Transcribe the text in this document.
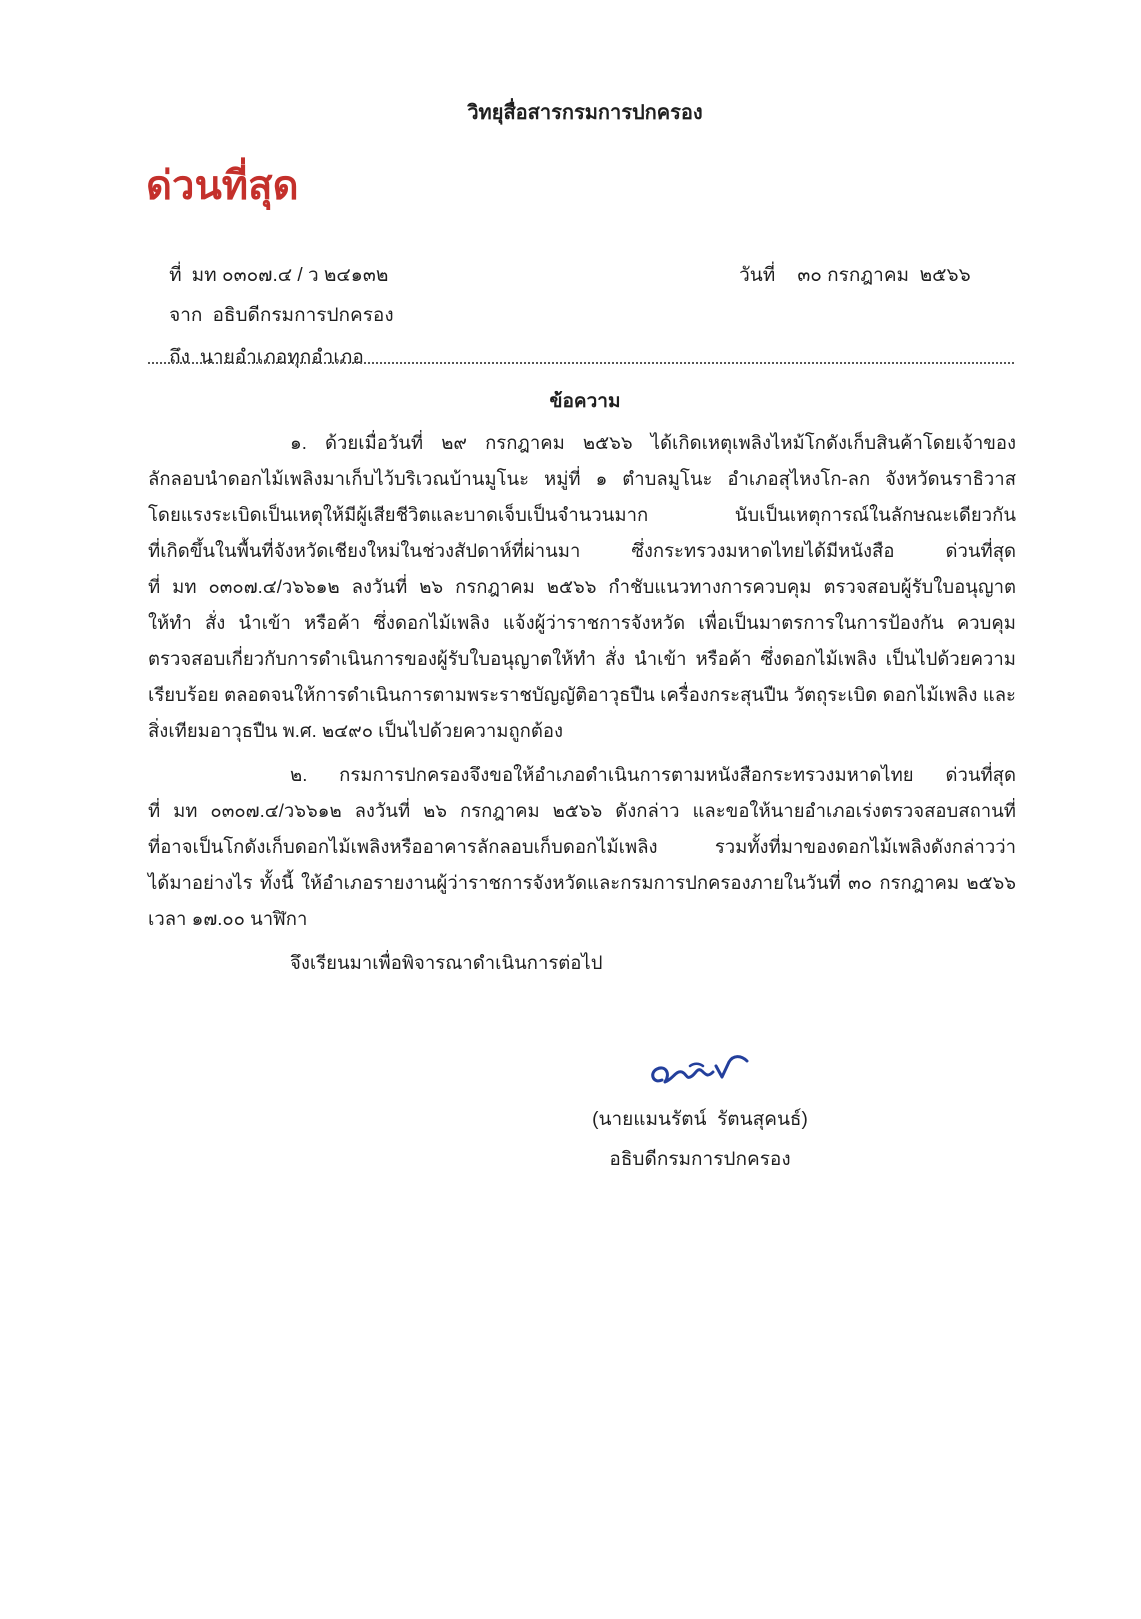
วิทยุสื่อสารกรมการปกครอง
ด่วนที่สุด

ที่ มท ๐๓๐๗.๔ / ว ๒๔๑๓๒
	วันที่ ๓๐ กรกฎาคม  ๒๕๖๖

จาก อธิบดีกรมการปกครอง

ถึง นายอำเภอทุกอำเภอ

ข้อความ
๑. ด้วยเมื่อวันที่ ๒๙ กรกฎาคม ๒๕๖๖ ได้เกิดเหตุเพลิงไหม้โกดังเก็บสินค้าโดยเจ้าของ
ลักลอบนำดอกไม้เพลิงมาเก็บไว้บริเวณบ้านมูโนะ หมู่ที่ ๑ ตำบลมูโนะ อำเภอสุไหงโก-ลก จังหวัดนราธิวาส
โดยแรงระเบิดเป็นเหตุให้มีผู้เสียชีวิตและบาดเจ็บเป็นจำนวนมาก นับเป็นเหตุการณ์ในลักษณะเดียวกัน
ที่เกิดขึ้นในพื้นที่จังหวัดเชียงใหม่ในช่วงสัปดาห์ที่ผ่านมา ซึ่งกระทรวงมหาดไทยได้มีหนังสือ ด่วนที่สุด
ที่ มท ๐๓๐๗.๔/ว๖๖๑๒ ลงวันที่ ๒๖ กรกฎาคม ๒๕๖๖ กำชับแนวทางการควบคุม ตรวจสอบผู้รับใบอนุญาต
ให้ทำ สั่ง นำเข้า หรือค้า ซึ่งดอกไม้เพลิง แจ้งผู้ว่าราชการจังหวัด เพื่อเป็นมาตรการในการป้องกัน ควบคุม
ตรวจสอบเกี่ยวกับการดำเนินการของผู้รับใบอนุญาตให้ทำ สั่ง นำเข้า หรือค้า ซึ่งดอกไม้เพลิง เป็นไปด้วยความ
เรียบร้อย ตลอดจนให้การดำเนินการตามพระราชบัญญัติอาวุธปืน เครื่องกระสุนปืน วัตถุระเบิด ดอกไม้เพลิง และ
สิ่งเทียมอาวุธปืน พ.ศ. ๒๔๙๐ เป็นไปด้วยความถูกต้อง
๒. กรมการปกครองจึงขอให้อำเภอดำเนินการตามหนังสือกระทรวงมหาดไทย ด่วนที่สุด
ที่ มท ๐๓๐๗.๔/ว๖๖๑๒ ลงวันที่ ๒๖ กรกฎาคม ๒๕๖๖ ดังกล่าว และขอให้นายอำเภอเร่งตรวจสอบสถานที่
ที่อาจเป็นโกดังเก็บดอกไม้เพลิงหรืออาคารลักลอบเก็บดอกไม้เพลิง รวมทั้งที่มาของดอกไม้เพลิงดังกล่าวว่า
ได้มาอย่างไร ทั้งนี้ ให้อำเภอรายงานผู้ว่าราชการจังหวัดและกรมการปกครองภายในวันที่ ๓๐ กรกฎาคม ๒๕๖๖
เวลา ๑๗.๐๐ นาฬิกา
จึงเรียนมาเพื่อพิจารณาดำเนินการต่อไป
(นายแมนรัตน์  รัตนสุคนธ์)
อธิบดีกรมการปกครอง
